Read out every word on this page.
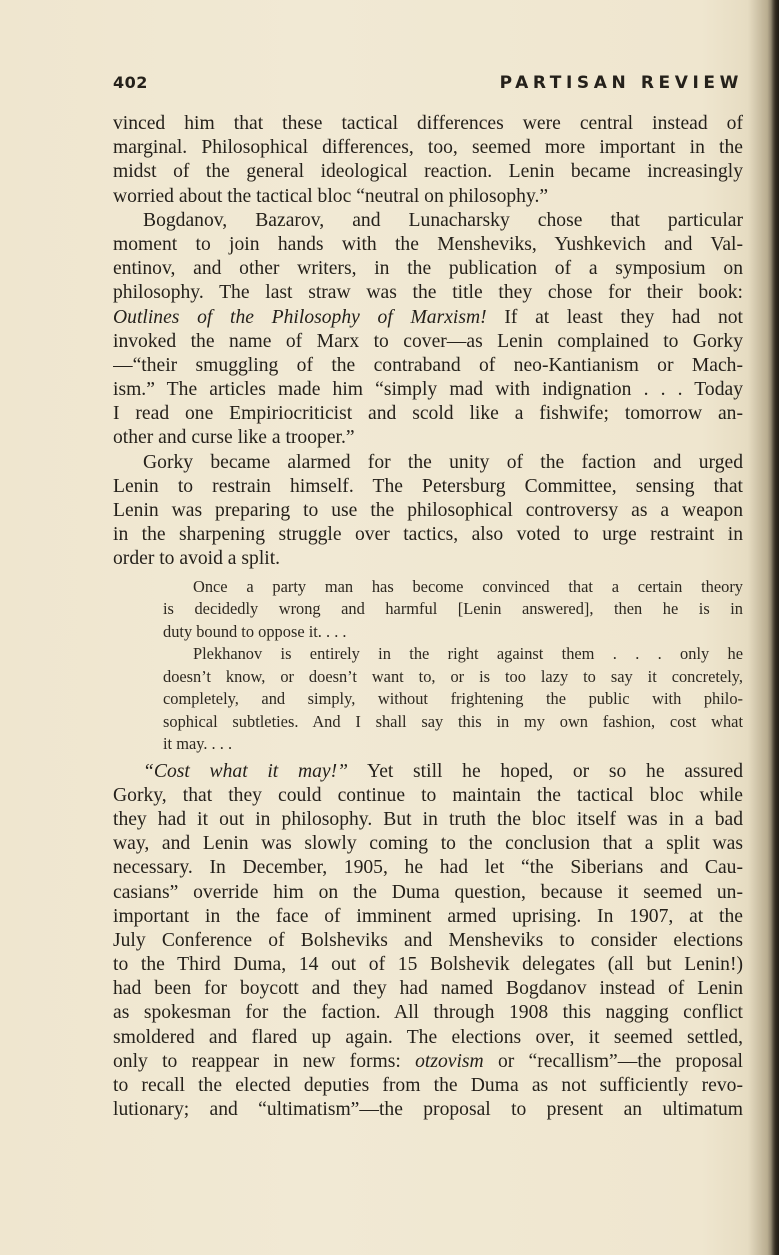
402	PARTISAN REVIEW
vinced him that these tactical differences were central instead of
marginal. Philosophical differences, too, seemed more important in the
midst of the general ideological reaction. Lenin became increasingly
worried about the tactical bloc “neutral on philosophy.”
Bogdanov, Bazarov, and Lunacharsky chose that particular
moment to join hands with the Mensheviks, Yushkevich and Val-
entinov, and other writers, in the publication of a symposium on
philosophy. The last straw was the title they chose for their book:
Outlines of the Philosophy of Marxism! If at least they had not
invoked the name of Marx to cover—as Lenin complained to Gorky
—“their smuggling of the contraband of neo-Kantianism or Mach-
ism.” The articles made him “simply mad with indignation . . . Today
I read one Empiriocriticist and scold like a fishwife; tomorrow an-
other and curse like a trooper.”
Gorky became alarmed for the unity of the faction and urged
Lenin to restrain himself. The Petersburg Committee, sensing that
Lenin was preparing to use the philosophical controversy as a weapon
in the sharpening struggle over tactics, also voted to urge restraint in
order to avoid a split.
Once a party man has become convinced that a certain theory
is decidedly wrong and harmful [Lenin answered], then he is in
duty bound to oppose it. . . .
Plekhanov is entirely in the right against them . . . only he
doesn’t know, or doesn’t want to, or is too lazy to say it concretely,
completely, and simply, without frightening the public with philo-
sophical subtleties. And I shall say this in my own fashion, cost what
it may. . . .
“Cost what it may!” Yet still he hoped, or so he assured
Gorky, that they could continue to maintain the tactical bloc while
they had it out in philosophy. But in truth the bloc itself was in a bad
way, and Lenin was slowly coming to the conclusion that a split was
necessary. In December, 1905, he had let “the Siberians and Cau-
casians” override him on the Duma question, because it seemed un-
important in the face of imminent armed uprising. In 1907, at the
July Conference of Bolsheviks and Mensheviks to consider elections
to the Third Duma, 14 out of 15 Bolshevik delegates (all but Lenin!)
had been for boycott and they had named Bogdanov instead of Lenin
as spokesman for the faction. All through 1908 this nagging conflict
smoldered and flared up again. The elections over, it seemed settled,
only to reappear in new forms: otzovism or “recallism”—the proposal
to recall the elected deputies from the Duma as not sufficiently revo-
lutionary; and “ultimatism”—the proposal to present an ultimatum
